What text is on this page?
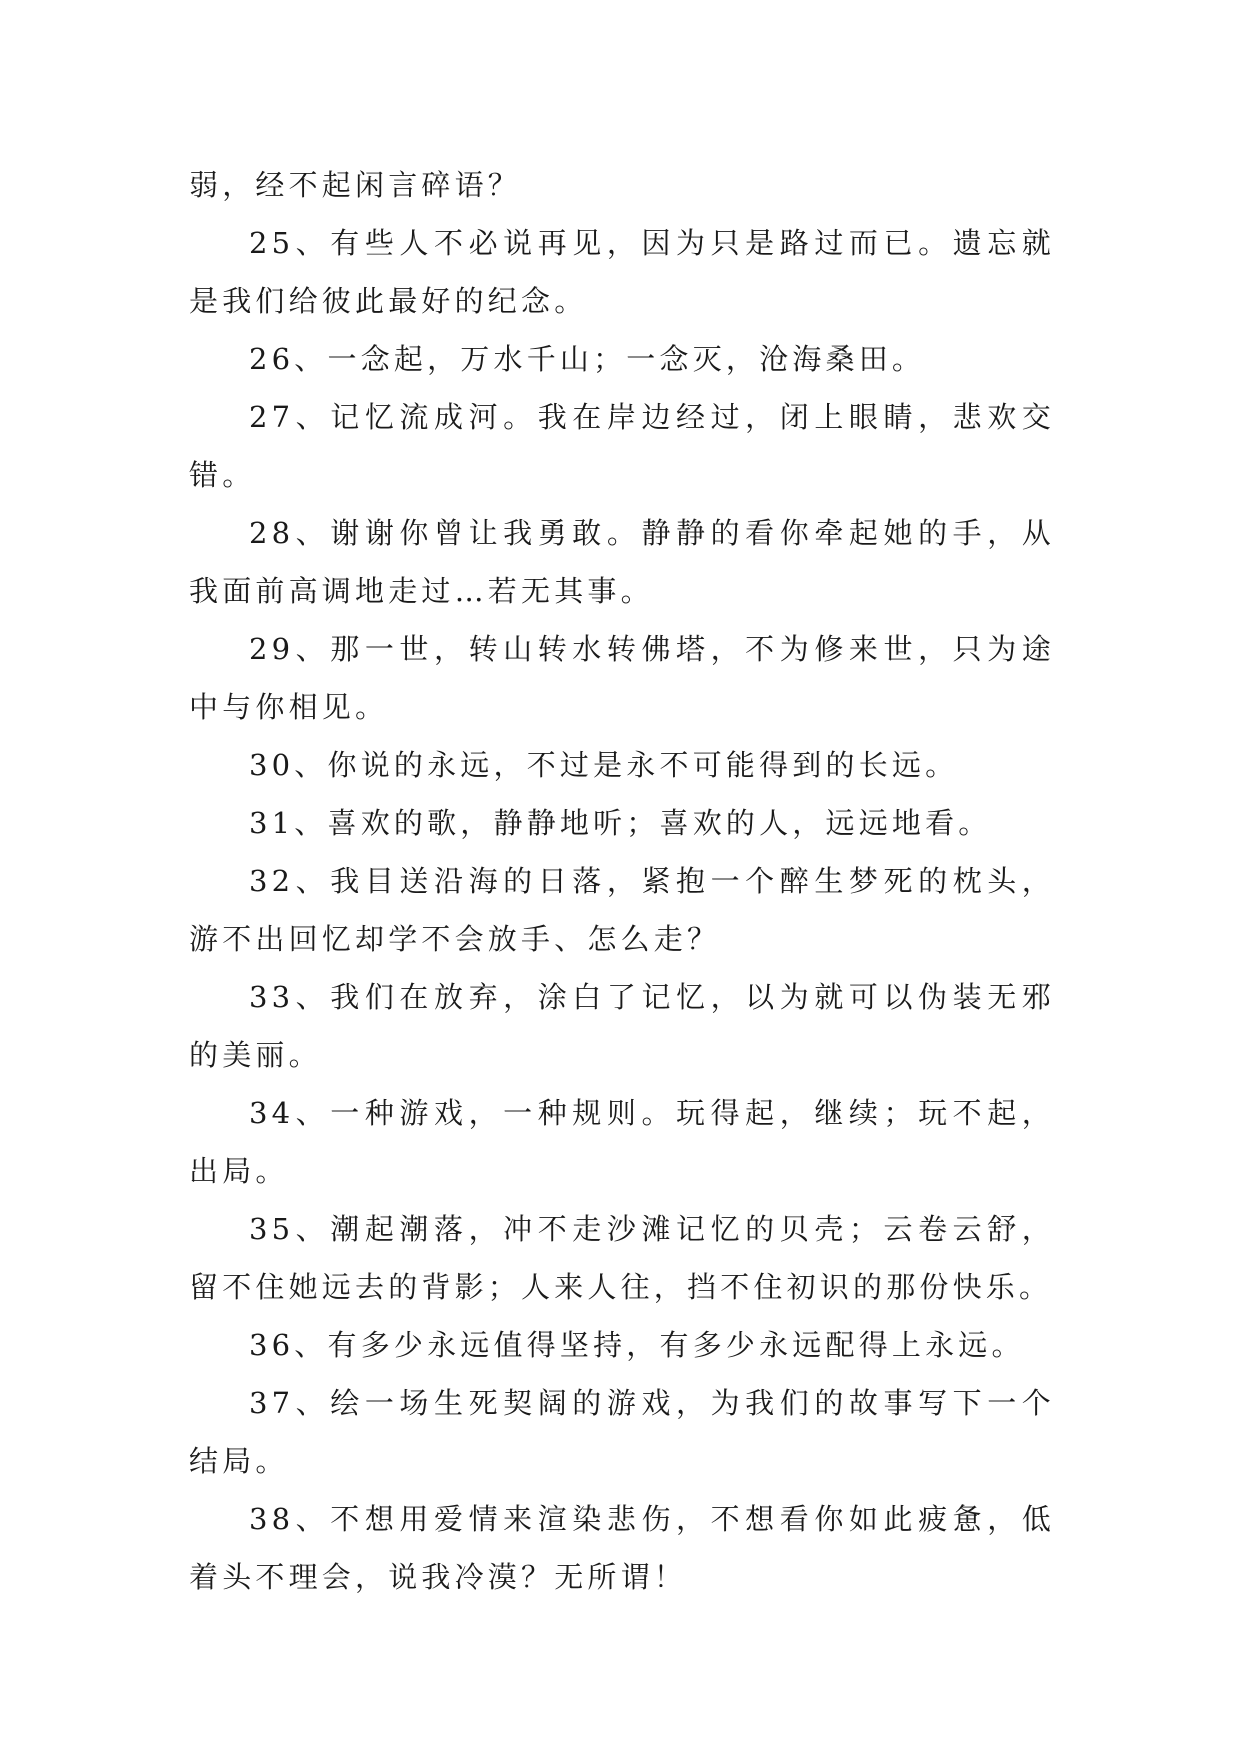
弱，经不起闲言碎语？

25、有些人不必说再见，因为只是路过而已。遗忘就是我们给彼此最好的纪念。

26、一念起，万水千山；一念灭，沧海桑田。

27、记忆流成河。我在岸边经过，闭上眼睛，悲欢交错。

28、谢谢你曾让我勇敢。静静的看你牵起她的手，从我面前高调地走过…若无其事。

29、那一世，转山转水转佛塔，不为修来世，只为途中与你相见。

30、你说的永远，不过是永不可能得到的长远。

31、喜欢的歌，静静地听；喜欢的人，远远地看。

32、我目送沿海的日落，紧抱一个醉生梦死的枕头，游不出回忆却学不会放手、怎么走？

33、我们在放弃，涂白了记忆，以为就可以伪装无邪的美丽。

34、一种游戏，一种规则。玩得起，继续；玩不起，出局。

35、潮起潮落，冲不走沙滩记忆的贝壳；云卷云舒，留不住她远去的背影；人来人往，挡不住初识的那份快乐。

36、有多少永远值得坚持，有多少永远配得上永远。

37、绘一场生死契阔的游戏，为我们的故事写下一个结局。

38、不想用爱情来渲染悲伤，不想看你如此疲惫，低着头不理会，说我冷漠？无所谓！
